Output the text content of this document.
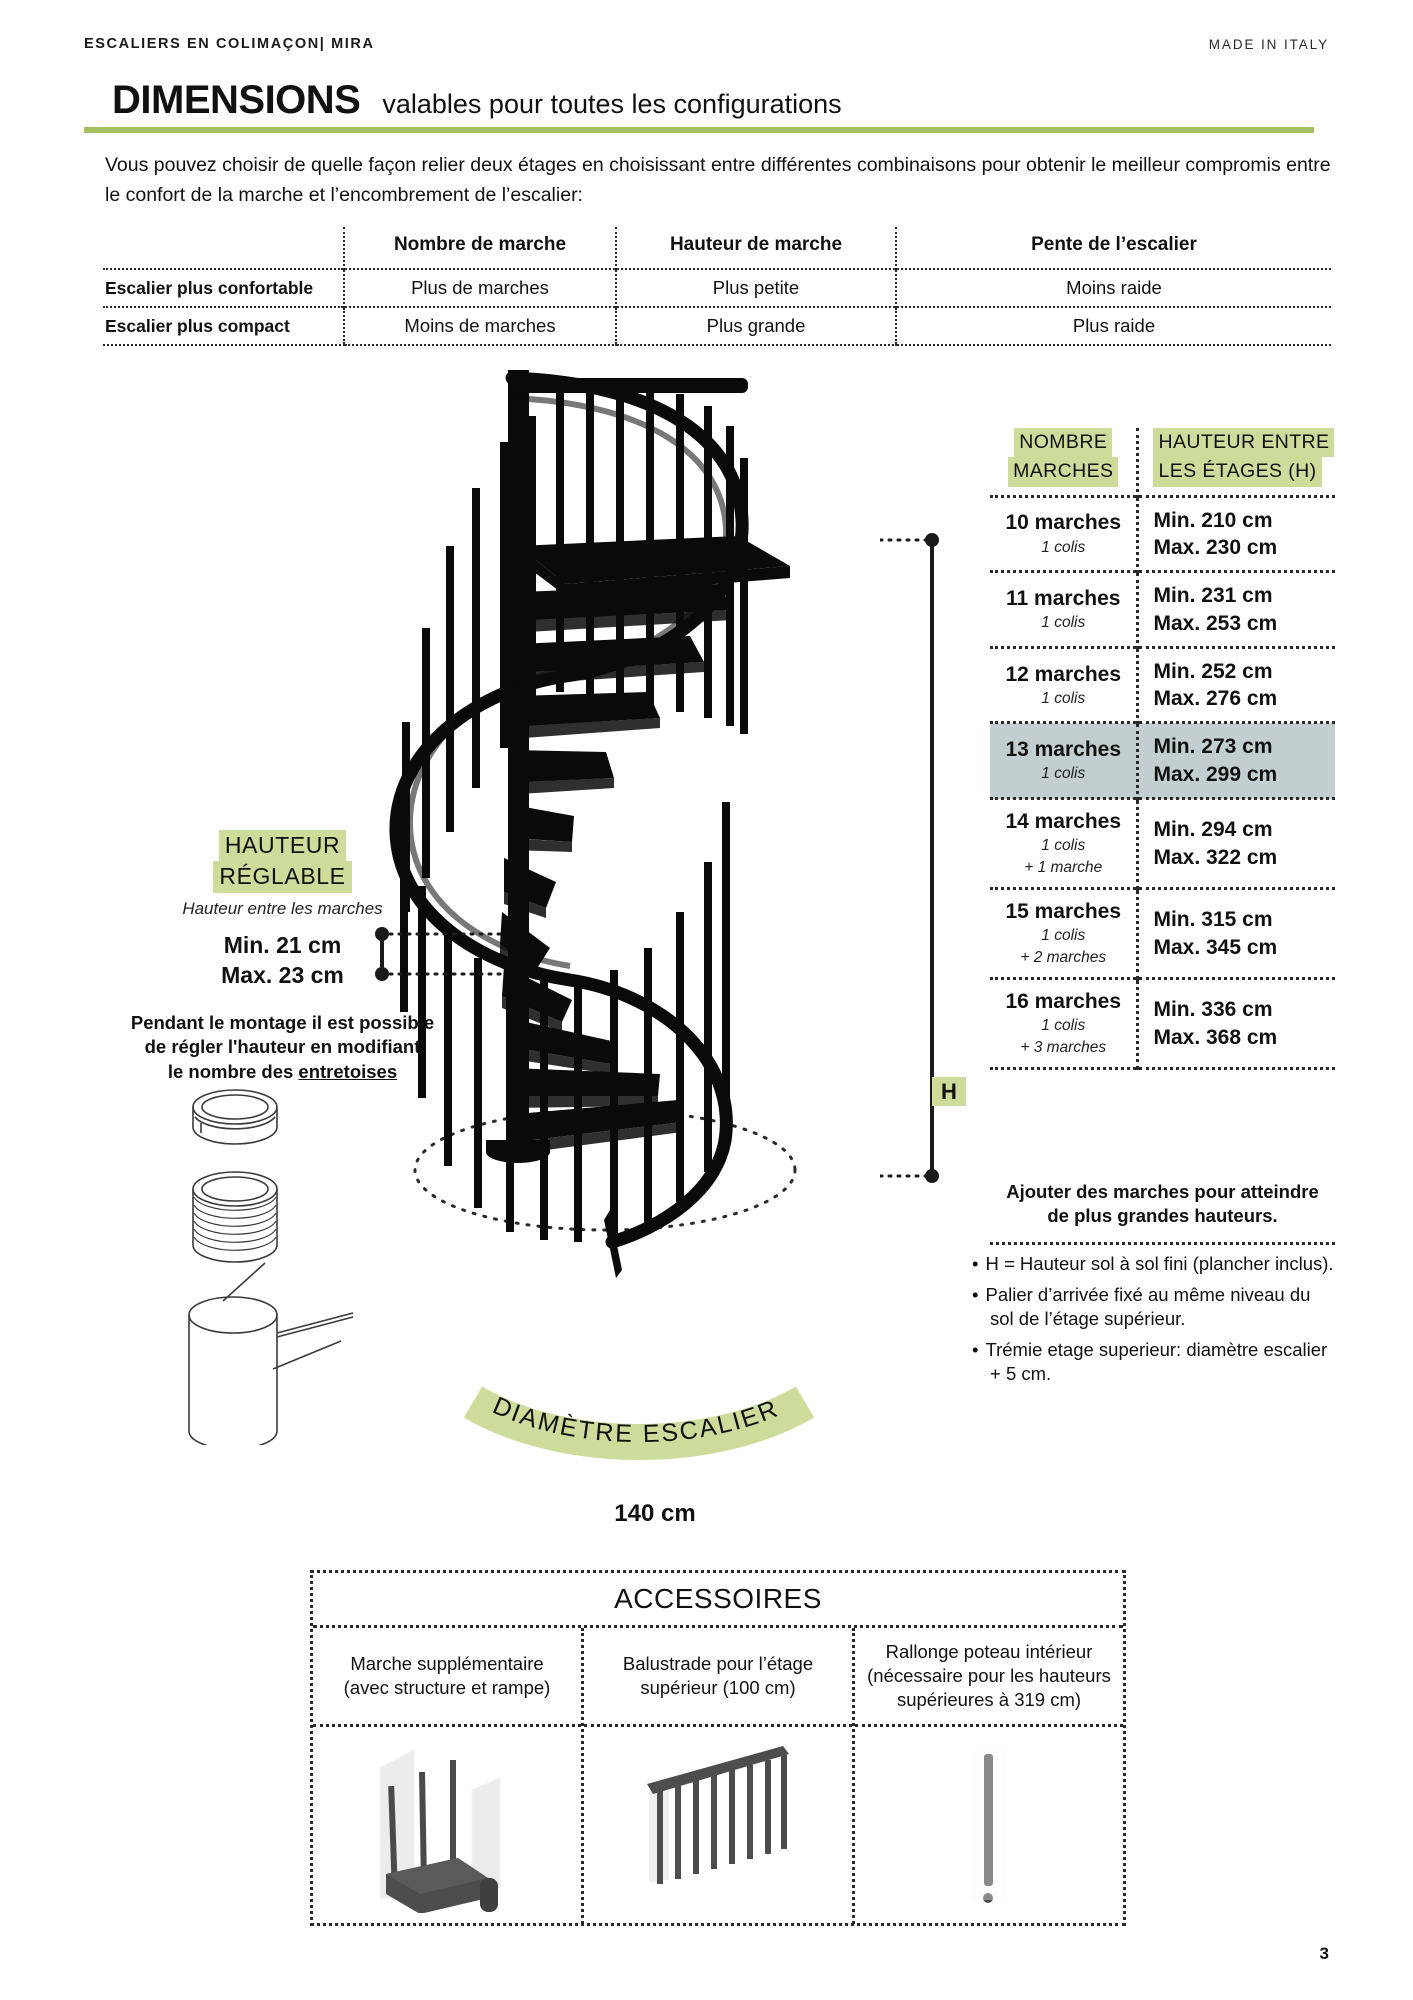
ESCALIERS EN COLIMAÇON| MIRA	MADE IN ITALY
DIMENSIONS valables pour toutes les configurations
Vous pouvez choisir de quelle façon relier deux étages en choisissant entre différentes combinaisons pour obtenir le meilleur compromis entre le confort de la marche et l’encombrement de l’escalier:
	Nombre de marche	Hauteur de marche	Pente de l’escalier
Escalier plus confortable	Plus de marches	Plus petite	Moins raide
Escalier plus compact	Moins de marches	Plus grande	Plus raide
HAUTEUR
RÉGLABLE
Hauteur entre les marches
Min. 21 cm
Max. 23 cm
Pendant le montage il est possible
de régler l'hauteur en modifiant
le nombre des entretoises
H
NOMBRE
MARCHES	HAUTEUR ENTRE
LES ÉTAGES (H)

10 marches
1 colis

Min. 210 cm
Max. 230 cm

11 marches
1 colis

Min. 231 cm
Max. 253 cm

12 marches
1 colis

Min. 252 cm
Max. 276 cm

13 marches
1 colis

Min. 273 cm
Max. 299 cm

14 marches
1 colis
+ 1 marche

Min. 294 cm
Max. 322 cm

15 marches
1 colis
+ 2 marches

Min. 315 cm
Max. 345 cm

16 marches
1 colis
+ 3 marches

Min. 336 cm
Max. 368 cm
Ajouter des marches pour atteindre
de plus grandes hauteurs.
• H = Hauteur sol à sol fini (plancher inclus).
• Palier d’arrivée fixé au même niveau du sol de l’étage supérieur.
• Trémie etage superieur: diamètre escalier + 5 cm.
DIAMÈTRE ESCALIER
140 cm
ACCESSOIRES
Marche supplémentaire
(avec structure et rampe)
Balustrade pour l’étage
supérieur (100 cm)
Rallonge poteau intérieur
(nécessaire pour les hauteurs
supérieures à 319 cm)
3
